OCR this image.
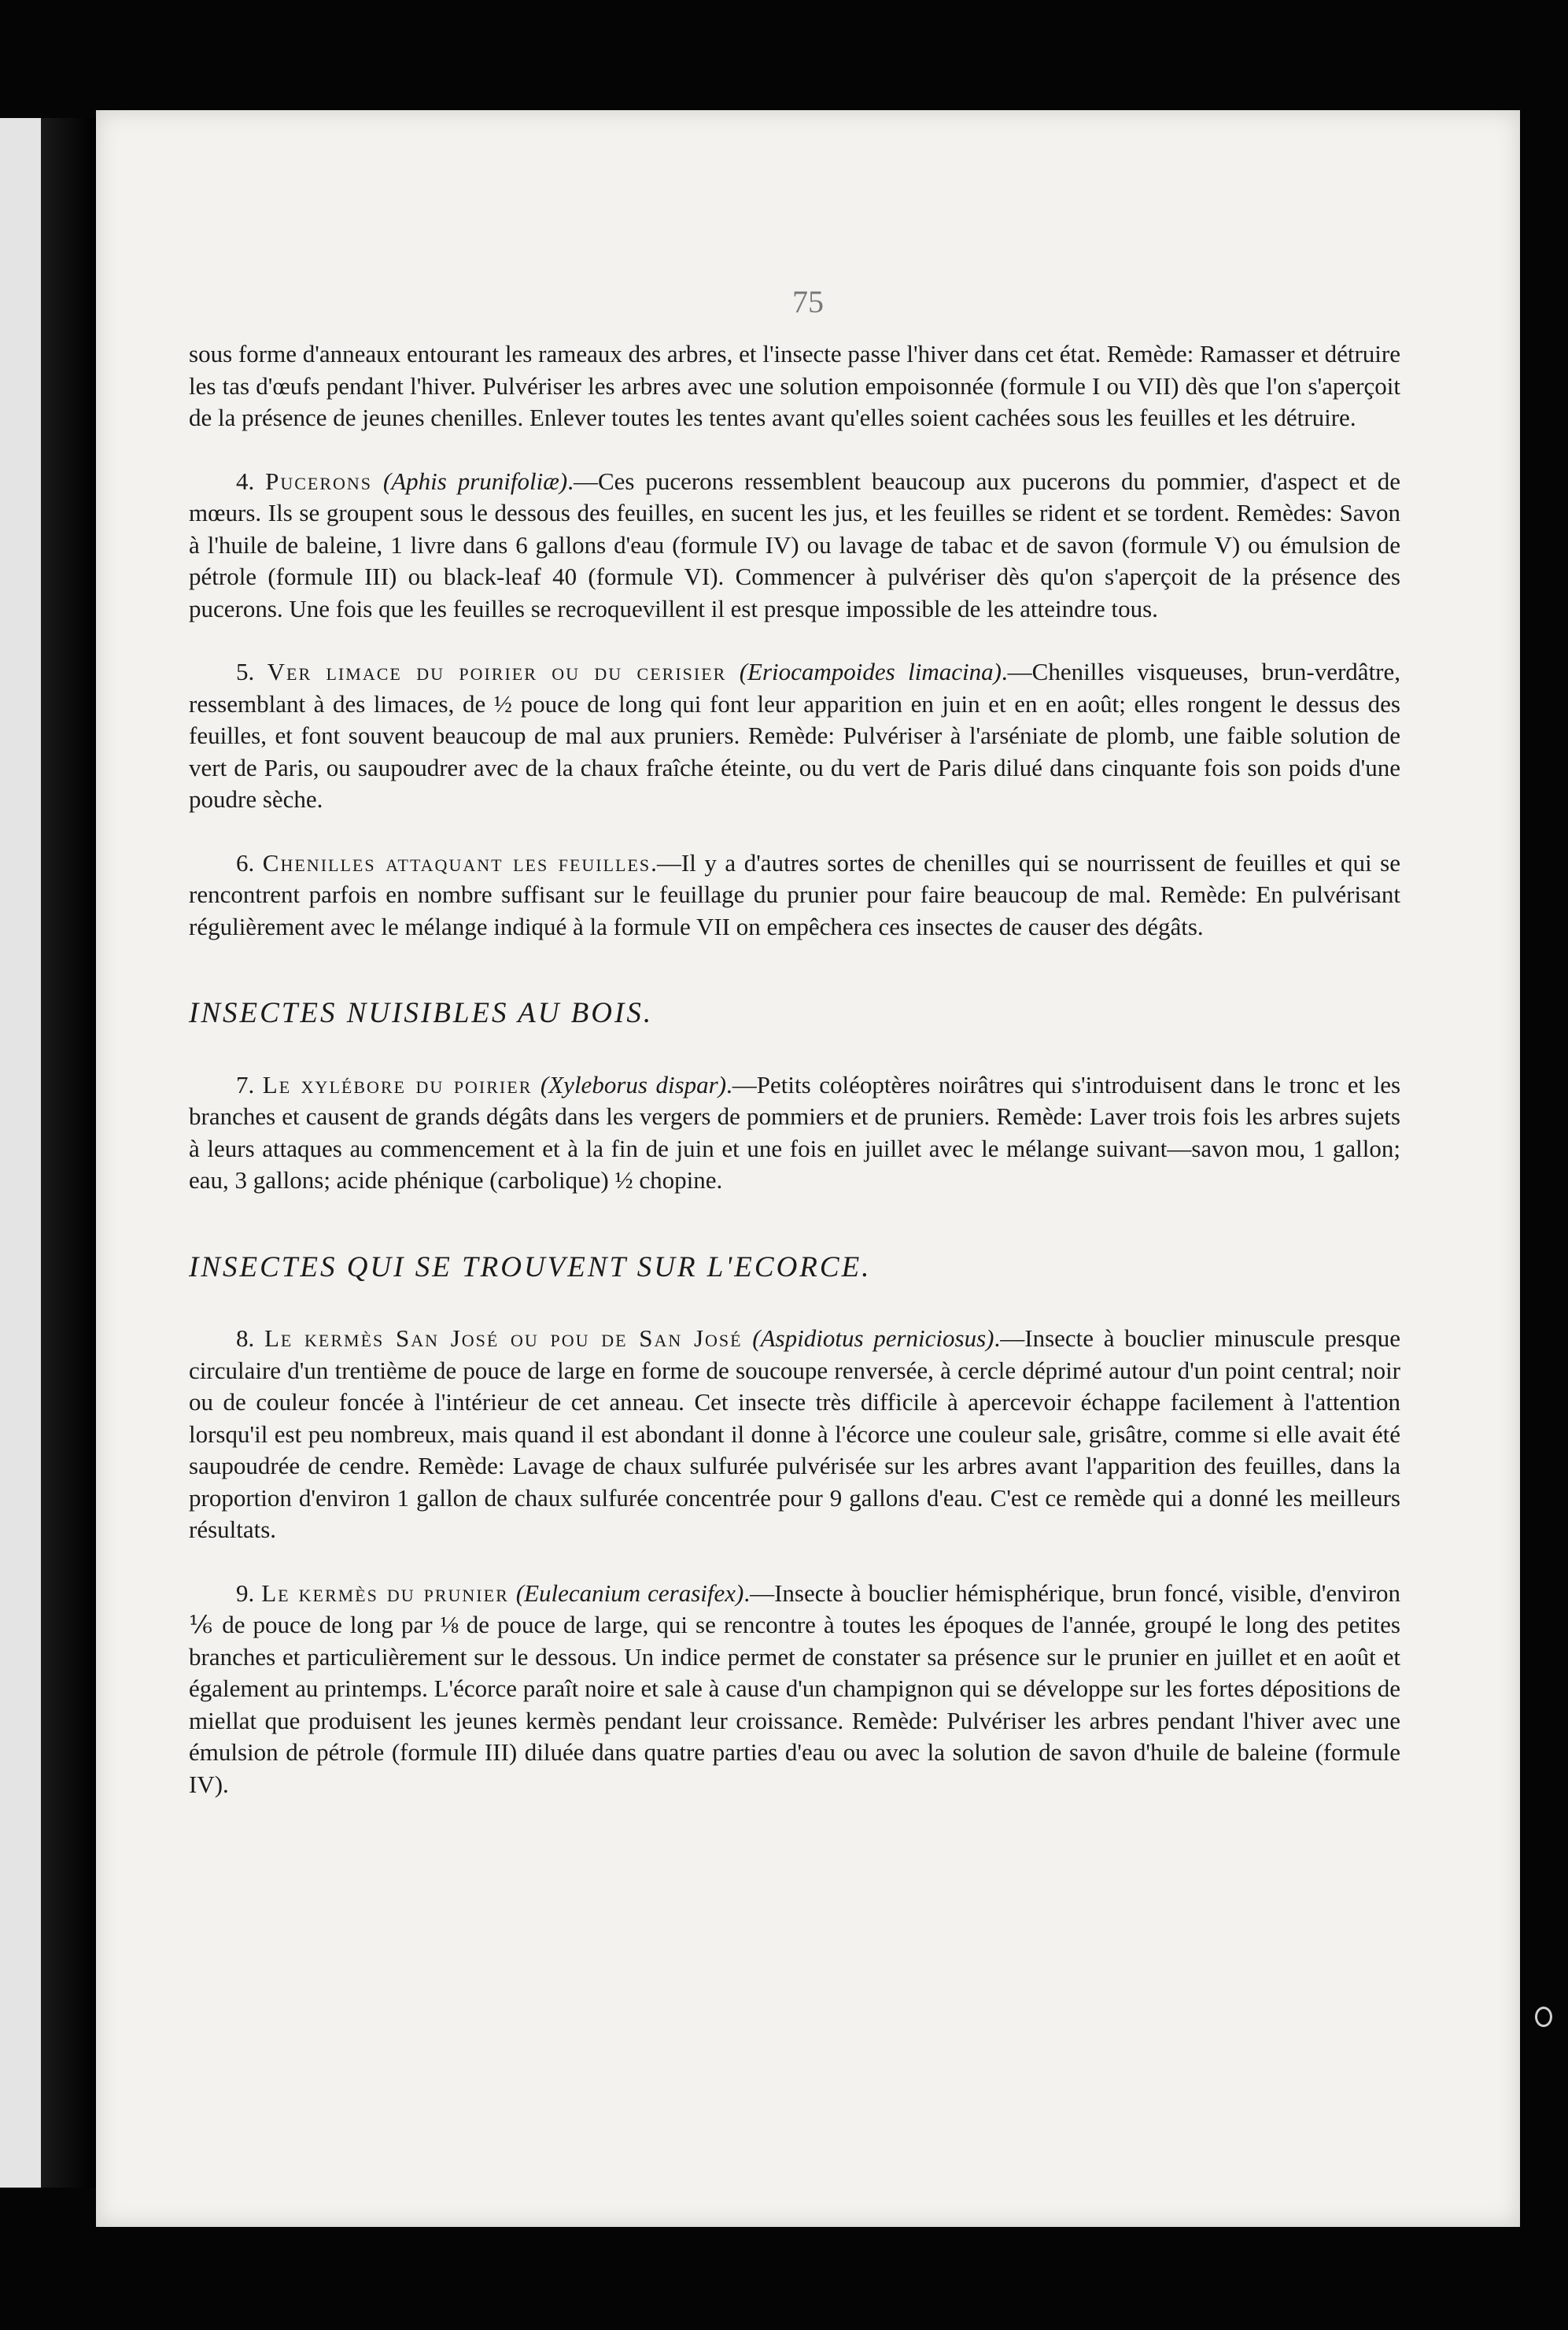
75

sous forme d'anneaux entourant les rameaux des arbres, et l'insecte passe l'hiver dans cet état. Remède: Ramasser et détruire les tas d'œufs pendant l'hiver. Pulvériser les arbres avec une solution empoisonnée (formule I ou VII) dès que l'on s'aperçoit de la présence de jeunes chenilles. Enlever toutes les tentes avant qu'elles soient cachées sous les feuilles et les détruire.

4. Pucerons (Aphis prunifoliæ).—Ces pucerons ressemblent beaucoup aux pucerons du pommier, d'aspect et de mœurs. Ils se groupent sous le dessous des feuilles, en sucent les jus, et les feuilles se rident et se tordent. Remèdes: Savon à l'huile de baleine, 1 livre dans 6 gallons d'eau (formule IV) ou lavage de tabac et de savon (formule V) ou émulsion de pétrole (formule III) ou black-leaf 40 (formule VI). Commencer à pulvériser dès qu'on s'aperçoit de la présence des pucerons. Une fois que les feuilles se recroquevillent il est presque impossible de les atteindre tous.

5. Ver limace du poirier ou du cerisier (Eriocampoides limacina).—Chenilles visqueuses, brun-verdâtre, ressemblant à des limaces, de ½ pouce de long qui font leur apparition en juin et en en août; elles rongent le dessus des feuilles, et font souvent beaucoup de mal aux pruniers. Remède: Pulvériser à l'arséniate de plomb, une faible solution de vert de Paris, ou saupoudrer avec de la chaux fraîche éteinte, ou du vert de Paris dilué dans cinquante fois son poids d'une poudre sèche.

6. Chenilles attaquant les feuilles.—Il y a d'autres sortes de chenilles qui se nourrissent de feuilles et qui se rencontrent parfois en nombre suffisant sur le feuillage du prunier pour faire beaucoup de mal. Remède: En pulvérisant régulièrement avec le mélange indiqué à la formule VII on empêchera ces insectes de causer des dégâts.

INSECTES NUISIBLES AU BOIS.

7. Le xylébore du poirier (Xyleborus dispar).—Petits coléoptères noirâtres qui s'introduisent dans le tronc et les branches et causent de grands dégâts dans les vergers de pommiers et de pruniers. Remède: Laver trois fois les arbres sujets à leurs attaques au commencement et à la fin de juin et une fois en juillet avec le mélange suivant—savon mou, 1 gallon; eau, 3 gallons; acide phénique (carbolique) ½ chopine.

INSECTES QUI SE TROUVENT SUR L'ECORCE.

8. Le kermès San José ou pou de San José (Aspidiotus perniciosus).—Insecte à bouclier minuscule presque circulaire d'un trentième de pouce de large en forme de soucoupe renversée, à cercle déprimé autour d'un point central; noir ou de couleur foncée à l'intérieur de cet anneau. Cet insecte très difficile à apercevoir échappe facilement à l'attention lorsqu'il est peu nombreux, mais quand il est abondant il donne à l'écorce une couleur sale, grisâtre, comme si elle avait été saupoudrée de cendre. Remède: Lavage de chaux sulfurée pulvérisée sur les arbres avant l'apparition des feuilles, dans la proportion d'environ 1 gallon de chaux sulfurée concentrée pour 9 gallons d'eau. C'est ce remède qui a donné les meilleurs résultats.

9. Le kermès du prunier (Eulecanium cerasifex).—Insecte à bouclier hémisphérique, brun foncé, visible, d'environ ⅙ de pouce de long par ⅛ de pouce de large, qui se rencontre à toutes les époques de l'année, groupé le long des petites branches et particulièrement sur le dessous. Un indice permet de constater sa présence sur le prunier en juillet et en août et également au printemps. L'écorce paraît noire et sale à cause d'un champignon qui se développe sur les fortes dépositions de miellat que produisent les jeunes kermès pendant leur croissance. Remède: Pulvériser les arbres pendant l'hiver avec une émulsion de pétrole (formule III) diluée dans quatre parties d'eau ou avec la solution de savon d'huile de baleine (formule IV).
